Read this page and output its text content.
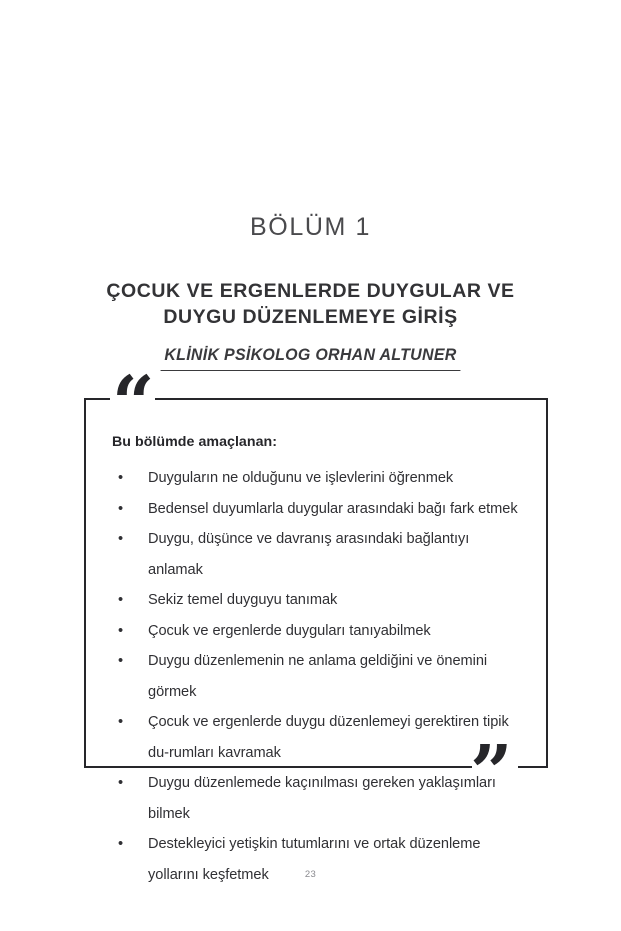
BÖLÜM 1
ÇOCUK VE ERGENLERDE DUYGULAR VE
DUYGU DÜZENLEMEYE GİRİŞ
KLİNİK PSİKOLOG ORHAN ALTUNER
“
”
Bu bölümde amaçlanan:
• Duyguların ne olduğunu ve işlevlerini öğrenmek
• Bedensel duyumlarla duygular arasındaki bağı fark etmek
• Duygu, düşünce ve davranış arasındaki bağlantıyı anlamak
• Sekiz temel duyguyu tanımak
• Çocuk ve ergenlerde duyguları tanıyabilmek
• Duygu düzenlemenin ne anlama geldiğini ve önemini görmek
• Çocuk ve ergenlerde duygu düzenlemeyi gerektiren tipik du-​rumları kavramak
• Duygu düzenlemede kaçınılması gereken yaklaşımları bilmek
• Destekleyici yetişkin tutumlarını ve ortak düzenleme yollarını keşfetmek	23
